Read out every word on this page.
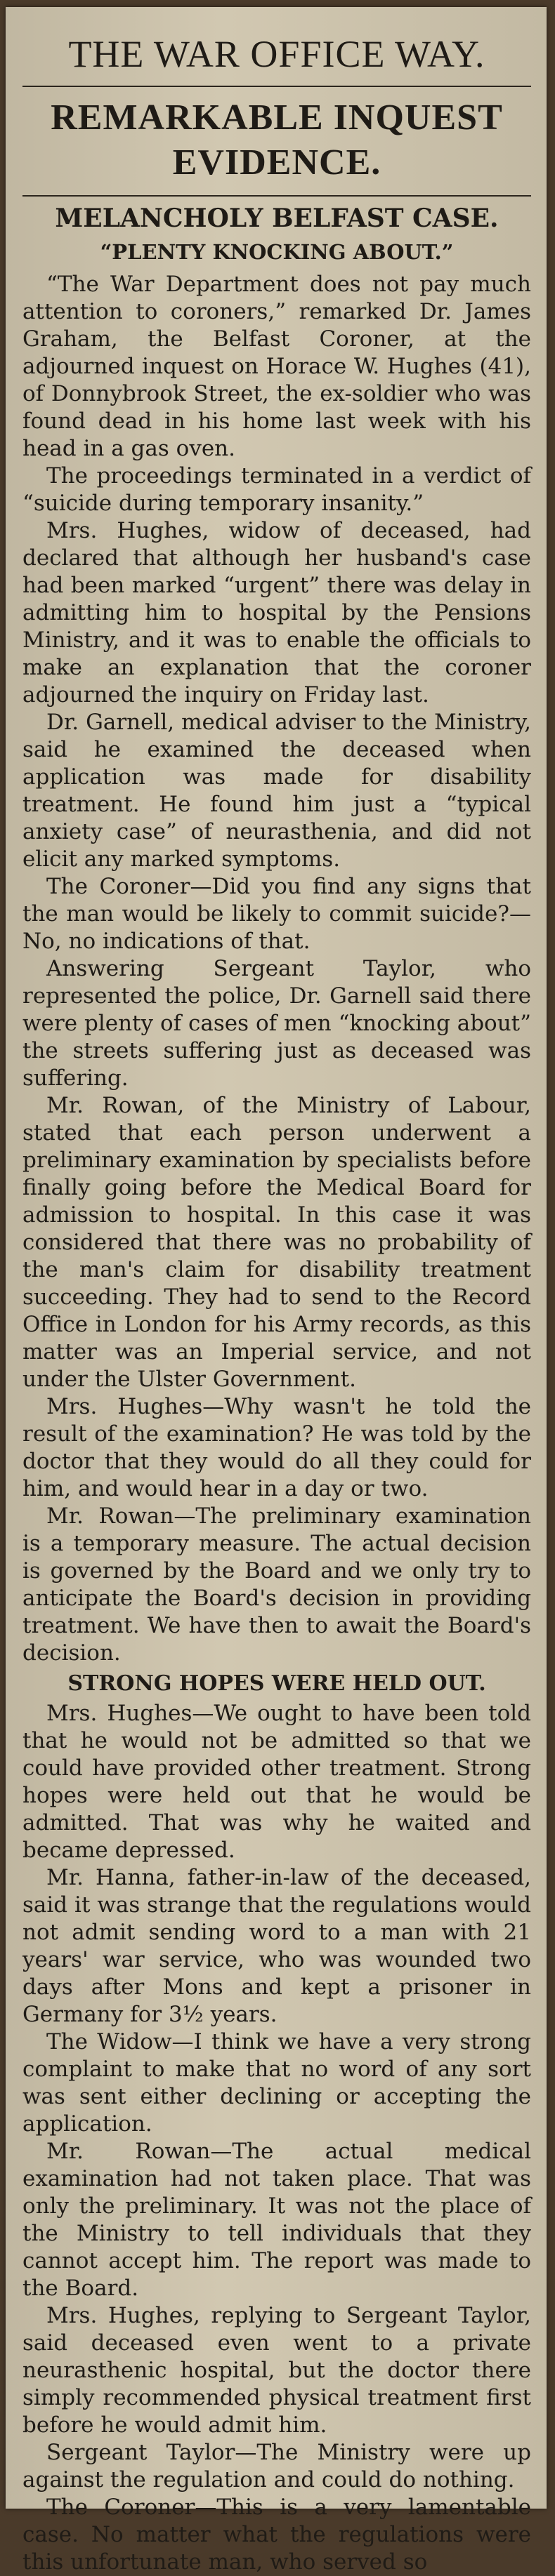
THE WAR OFFICE WAY.
REMARKABLE INQUEST EVIDENCE.
MELANCHOLY BELFAST CASE.
“PLENTY KNOCKING ABOUT.”

“The War Department does not pay much attention to coroners,” remarked Dr. James Graham, the Belfast Coroner, at the adjourned inquest on Horace W. Hughes (41), of Donnybrook Street, the ex-soldier who was found dead in his home last week with his head in a gas oven.

The proceedings terminated in a verdict of “suicide during temporary insanity.”

Mrs. Hughes, widow of deceased, had declared that although her husband's case had been marked “urgent” there was delay in admitting him to hospital by the Pensions Ministry, and it was to enable the officials to make an explanation that the coroner adjourned the inquiry on Friday last.

Dr. Garnell, medical adviser to the Ministry, said he examined the deceased when application was made for disability treatment. He found him just a “typical anxiety case” of neurasthenia, and did not elicit any marked symptoms.

The Coroner—Did you find any signs that the man would be likely to commit suicide?—No, no indications of that.

Answering Sergeant Taylor, who represented the police, Dr. Garnell said there were plenty of cases of men “knocking about” the streets suffering just as deceased was suffering.

Mr. Rowan, of the Ministry of Labour, stated that each person underwent a preliminary examination by specialists before finally going before the Medical Board for admission to hospital. In this case it was considered that there was no probability of the man's claim for disability treatment succeeding. They had to send to the Record Office in London for his Army records, as this matter was an Imperial service, and not under the Ulster Government.

Mrs. Hughes—Why wasn't he told the result of the examination? He was told by the doctor that they would do all they could for him, and would hear in a day or two.

Mr. Rowan—The preliminary examination is a temporary measure. The actual decision is governed by the Board and we only try to anticipate the Board's decision in providing treatment. We have then to await the Board's decision.

STRONG HOPES WERE HELD OUT.

Mrs. Hughes—We ought to have been told that he would not be admitted so that we could have provided other treatment. Strong hopes were held out that he would be admitted. That was why he waited and became depressed.

Mr. Hanna, father-in-law of the deceased, said it was strange that the regulations would not admit sending word to a man with 21 years' war service, who was wounded two days after Mons and kept a prisoner in Germany for 3½ years.

The Widow—I think we have a very strong complaint to make that no word of any sort was sent either declining or accepting the application.

Mr. Rowan—The actual medical examination had not taken place. That was only the preliminary. It was not the place of the Ministry to tell individuals that they cannot accept him. The report was made to the Board.

Mrs. Hughes, replying to Sergeant Taylor, said deceased even went to a private neurasthenic hospital, but the doctor there simply recommended physical treatment first before he would admit him.

Sergeant Taylor—The Ministry were up against the regulation and could do nothing.

The Coroner—This is a very lamentable case. No matter what the regulations were this unfortunate man, who served so
